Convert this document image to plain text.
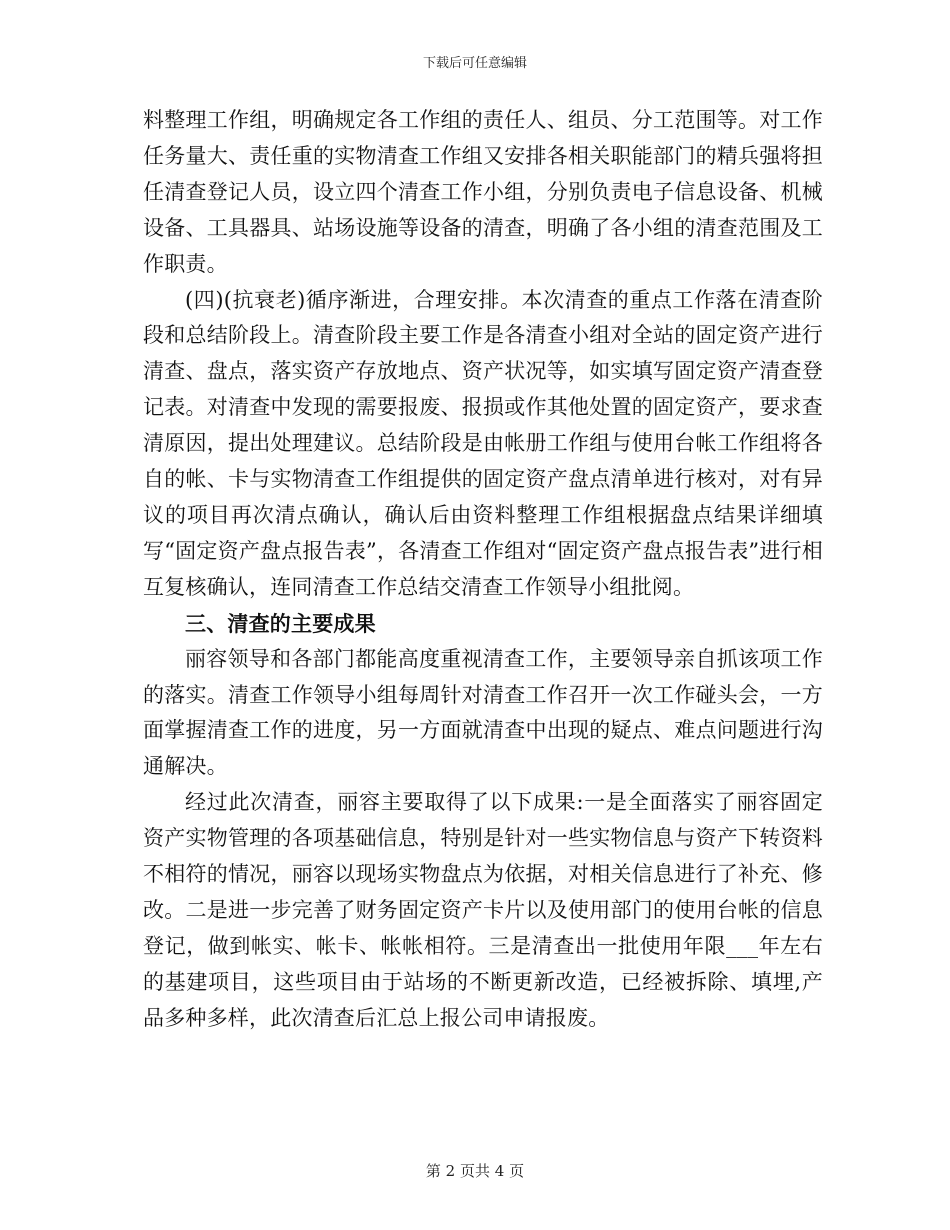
下载后可任意编辑

料整理工作组，明确规定各工作组的责任人、组员、分工范围等。对工作任务量大、责任重的实物清查工作组又安排各相关职能部门的精兵强将担任清查登记人员，设立四个清查工作小组，分别负责电子信息设备、机械设备、工具器具、站场设施等设备的清查，明确了各小组的清查范围及工作职责。

(四)(抗衰老)循序渐进，合理安排。本次清查的重点工作落在清查阶段和总结阶段上。清查阶段主要工作是各清查小组对全站的固定资产进行清查、盘点，落实资产存放地点、资产状况等，如实填写固定资产清查登记表。对清查中发现的需要报废、报损或作其他处置的固定资产，要求查清原因，提出处理建议。总结阶段是由帐册工作组与使用台帐工作组将各自的帐、卡与实物清查工作组提供的固定资产盘点清单进行核对，对有异议的项目再次清点确认，确认后由资料整理工作组根据盘点结果详细填写“固定资产盘点报告表”，各清查工作组对“固定资产盘点报告表”进行相互复核确认，连同清查工作总结交清查工作领导小组批阅。

三、清查的主要成果

丽容领导和各部门都能高度重视清查工作，主要领导亲自抓该项工作的落实。清查工作领导小组每周针对清查工作召开一次工作碰头会，一方面掌握清查工作的进度，另一方面就清查中出现的疑点、难点问题进行沟通解决。

经过此次清查，丽容主要取得了以下成果:一是全面落实了丽容固定资产实物管理的各项基础信息，特别是针对一些实物信息与资产下转资料不相符的情况，丽容以现场实物盘点为依据，对相关信息进行了补充、修改。二是进一步完善了财务固定资产卡片以及使用部门的使用台帐的信息登记，做到帐实、帐卡、帐帐相符。三是清查出一批使用年限___年左右的基建项目，这些项目由于站场的不断更新改造，已经被拆除、填埋,产品多种多样，此次清查后汇总上报公司申请报废。

第 2 页共 4 页
